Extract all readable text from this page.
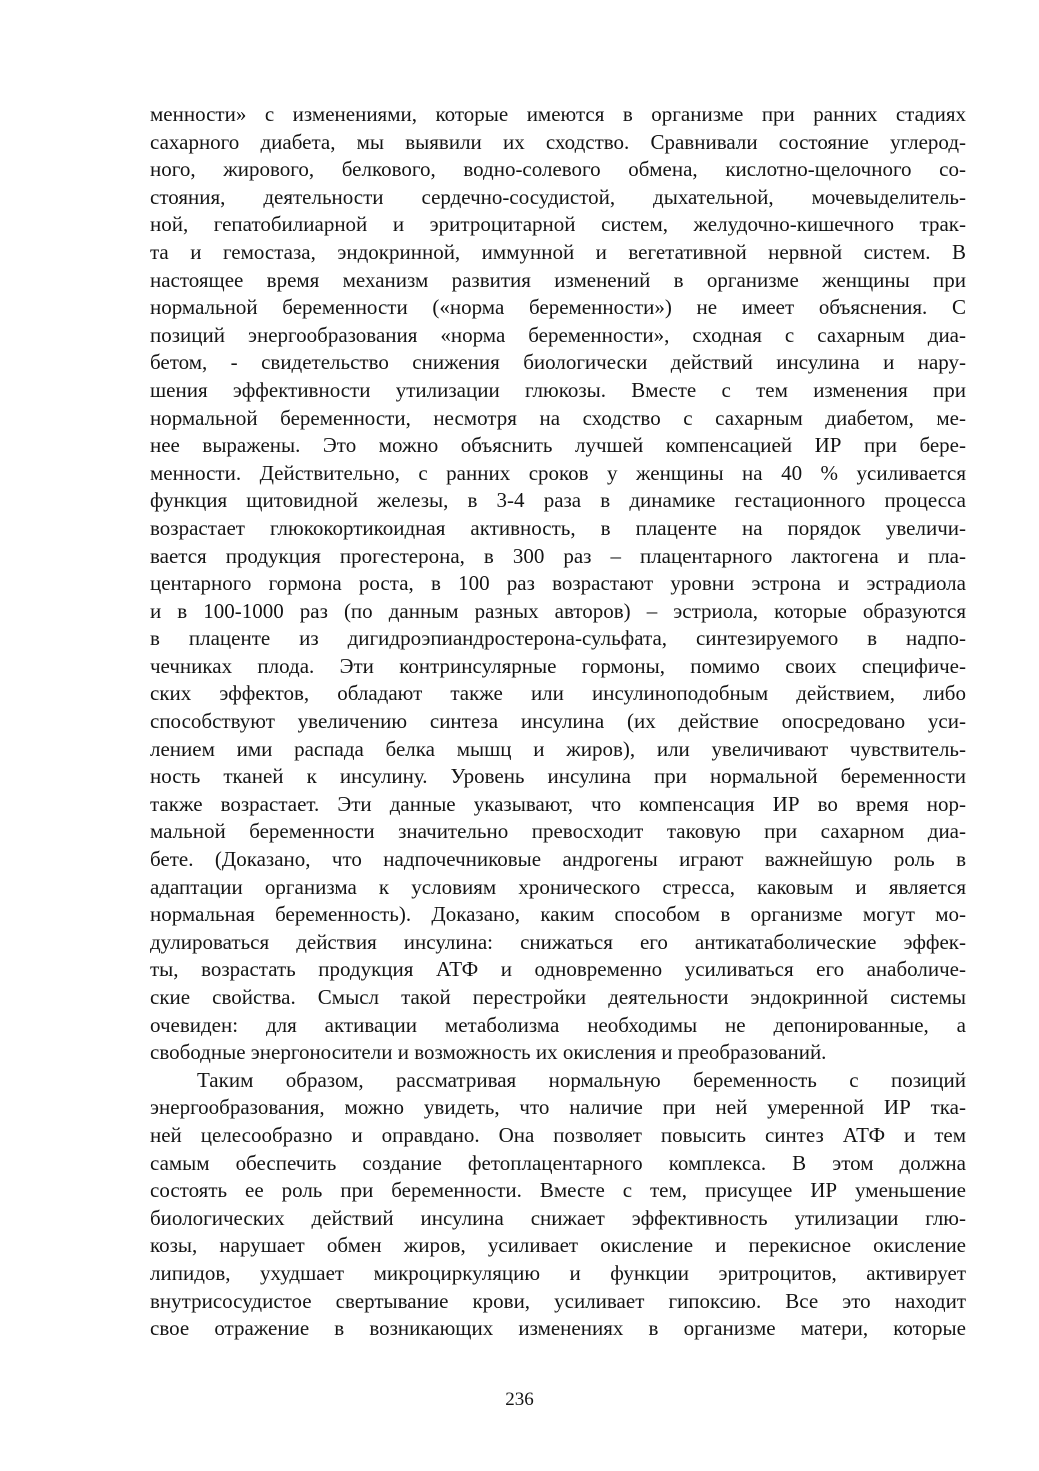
менности» с изменениями, которые имеются в организме при ранних стадиях
сахарного диабета, мы выявили их сходство. Сравнивали состояние углерод-
ного, жирового, белкового, водно-солевого обмена, кислотно-щелочного со-
стояния, деятельности сердечно-сосудистой, дыхательной, мочевыделитель-
ной, гепатобилиарной и эритроцитарной систем, желудочно-кишечного трак-
та и гемостаза, эндокринной, иммунной и вегетативной нервной систем. В
настоящее время механизм развития изменений в организме женщины при
нормальной беременности («норма беременности») не имеет объяснения. С
позиций энергообразования «норма беременности», сходная с сахарным диа-
бетом, - свидетельство снижения биологически действий инсулина и нару-
шения эффективности утилизации глюкозы. Вместе с тем изменения при
нормальной беременности, несмотря на сходство с сахарным диабетом, ме-
нее выражены. Это можно объяснить лучшей компенсацией ИР при бере-
менности. Действительно, с ранних сроков у женщины на 40 % усиливается
функция щитовидной железы, в 3-4 раза в динамике гестационного процесса
возрастает глюкокортикоидная активность, в плаценте на порядок увеличи-
вается продукция прогестерона, в 300 раз – плацентарного лактогена и пла-
центарного гормона роста, в 100 раз возрастают уровни эстрона и эстрадиола
и в 100-1000 раз (по данным разных авторов) – эстриола, которые образуются
в плаценте из дигидроэпиандростерона-сульфата, синтезируемого в надпо-
чечниках плода. Эти контринсулярные гормоны, помимо своих специфиче-
ских эффектов, обладают также или инсулиноподобным действием, либо
способствуют увеличению синтеза инсулина (их действие опосредовано уси-
лением ими распада белка мышц и жиров), или увеличивают чувствитель-
ность тканей к инсулину. Уровень инсулина при нормальной беременности
также возрастает. Эти данные указывают, что компенсация ИР во время нор-
мальной беременности значительно превосходит таковую при сахарном диа-
бете. (Доказано, что надпочечниковые андрогены играют важнейшую роль в
адаптации организма к условиям хронического стресса, каковым и является
нормальная беременность). Доказано, каким способом в организме могут мо-
дулироваться действия инсулина: снижаться его антикатаболические эффек-
ты, возрастать продукция АТФ и одновременно усиливаться его анаболиче-
ские свойства. Смысл такой перестройки деятельности эндокринной системы
очевиден: для активации метаболизма необходимы не депонированные, а
свободные энергоносители и возможность их окисления и преобразований.
Таким образом, рассматривая нормальную беременность с позиций
энергообразования, можно увидеть, что наличие при ней умеренной ИР тка-
ней целесообразно и оправдано. Она позволяет повысить синтез АТФ и тем
самым обеспечить создание фетоплацентарного комплекса. В этом должна
состоять ее роль при беременности. Вместе с тем, присущее ИР уменьшение
биологических действий инсулина снижает эффективность утилизации глю-
козы, нарушает обмен жиров, усиливает окисление и перекисное окисление
липидов, ухудшает микроциркуляцию и функции эритроцитов, активирует
внутрисосудистое свертывание крови, усиливает гипоксию. Все это находит
свое отражение в возникающих изменениях в организме матери, которые
236
